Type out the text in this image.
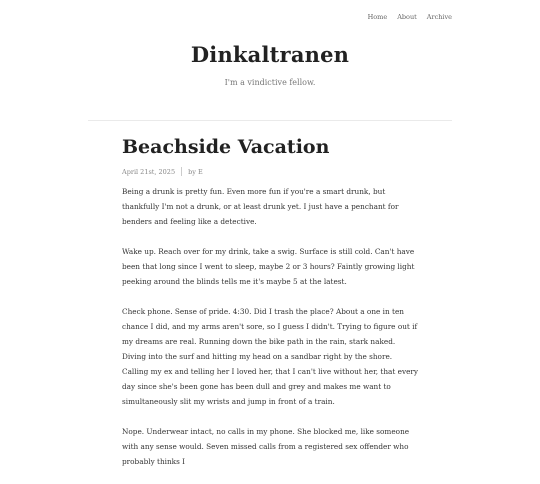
Home About Archive
Dinkaltranen
I'm a vindictive fellow.
Beachside Vacation
April 21st, 2025 by E

Being a drunk is pretty fun. Even more fun if you're a smart drunk, but thankfully I'm not a drunk, or at least drunk yet. I just have a penchant for benders and feeling like a detective.

Wake up. Reach over for my drink, take a swig. Surface is still cold. Can't have been that long since I went to sleep, maybe 2 or 3 hours? Faintly growing light peeking around the blinds tells me it's maybe 5 at the latest.

Check phone. Sense of pride. 4:30. Did I trash the place? About a one in ten chance I did, and my arms aren't sore, so I guess I didn't. Trying to figure out if my dreams are real. Running down the bike path in the rain, stark naked. Diving into the surf and hitting my head on a sandbar right by the shore. Calling my ex and telling her I loved her, that I can't live without her, that every day since she's been gone has been dull and grey and makes me want to simultaneously slit my wrists and jump in front of a train.

Nope. Underwear intact, no calls in my phone. She blocked me, like someone with any sense would. Seven missed calls from a registered sex offender who probably thinks I
